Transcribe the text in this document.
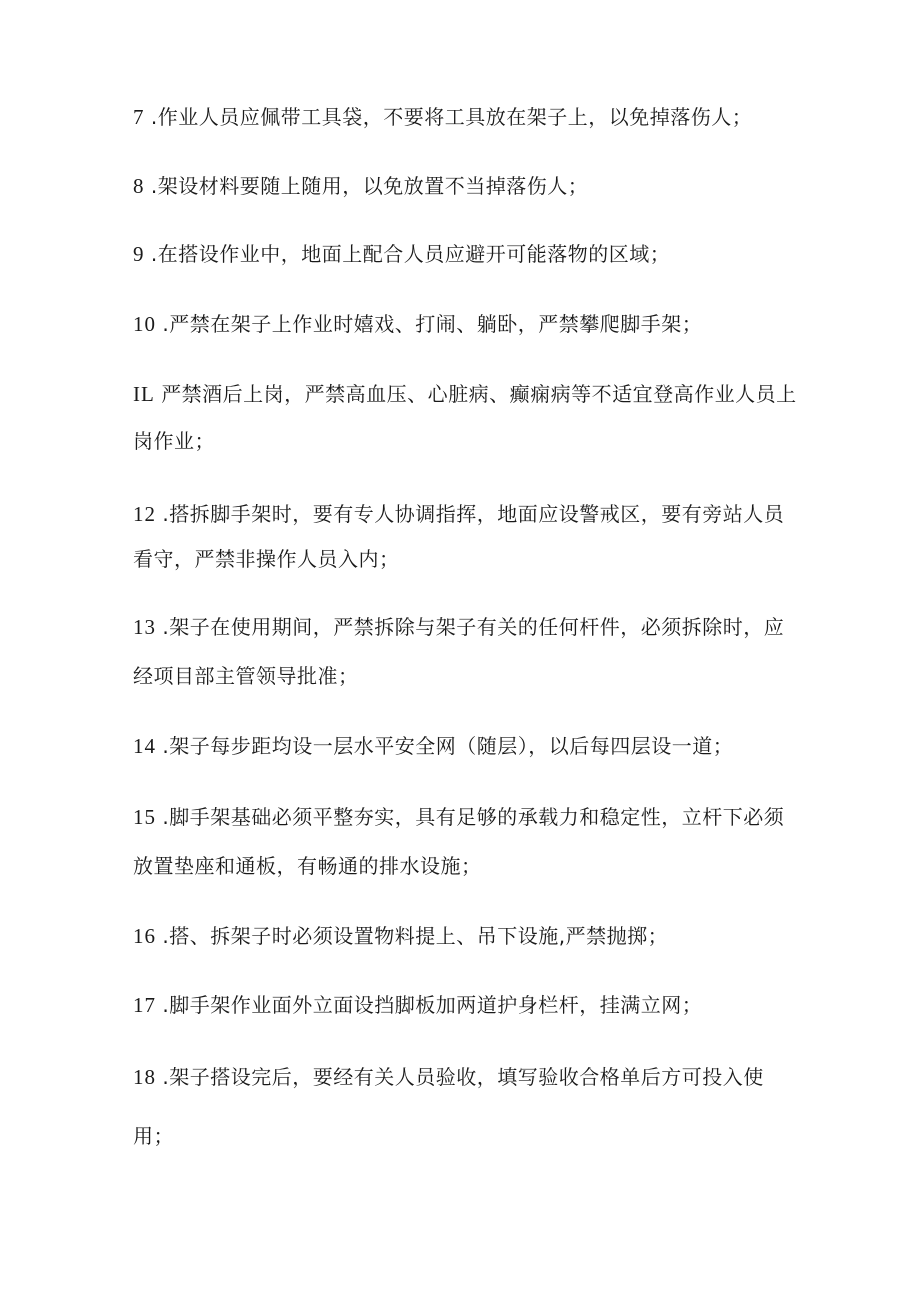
7 .作业人员应佩带工具袋，不要将工具放在架子上，以免掉落伤人；
8 .架设材料要随上随用，以免放置不当掉落伤人；
9 .在搭设作业中，地面上配合人员应避开可能落物的区域；
10 .严禁在架子上作业时嬉戏、打闹、躺卧，严禁攀爬脚手架；
IL 严禁酒后上岗，严禁高血压、心脏病、癫痫病等不适宜登高作业人员上
岗作业；
12 .搭拆脚手架时，要有专人协调指挥，地面应设警戒区，要有旁站人员
看守，严禁非操作人员入内；
13 .架子在使用期间，严禁拆除与架子有关的任何杆件，必须拆除时，应
经项目部主管领导批准；
14 .架子每步距均设一层水平安全网（随层），以后每四层设一道；
15 .脚手架基础必须平整夯实，具有足够的承载力和稳定性，立杆下必须
放置垫座和通板，有畅通的排水设施；
16 .搭、拆架子时必须设置物料提上、吊下设施,严禁抛掷；
17 .脚手架作业面外立面设挡脚板加两道护身栏杆，挂满立网；
18 .架子搭设完后，要经有关人员验收，填写验收合格单后方可投入使
用；
